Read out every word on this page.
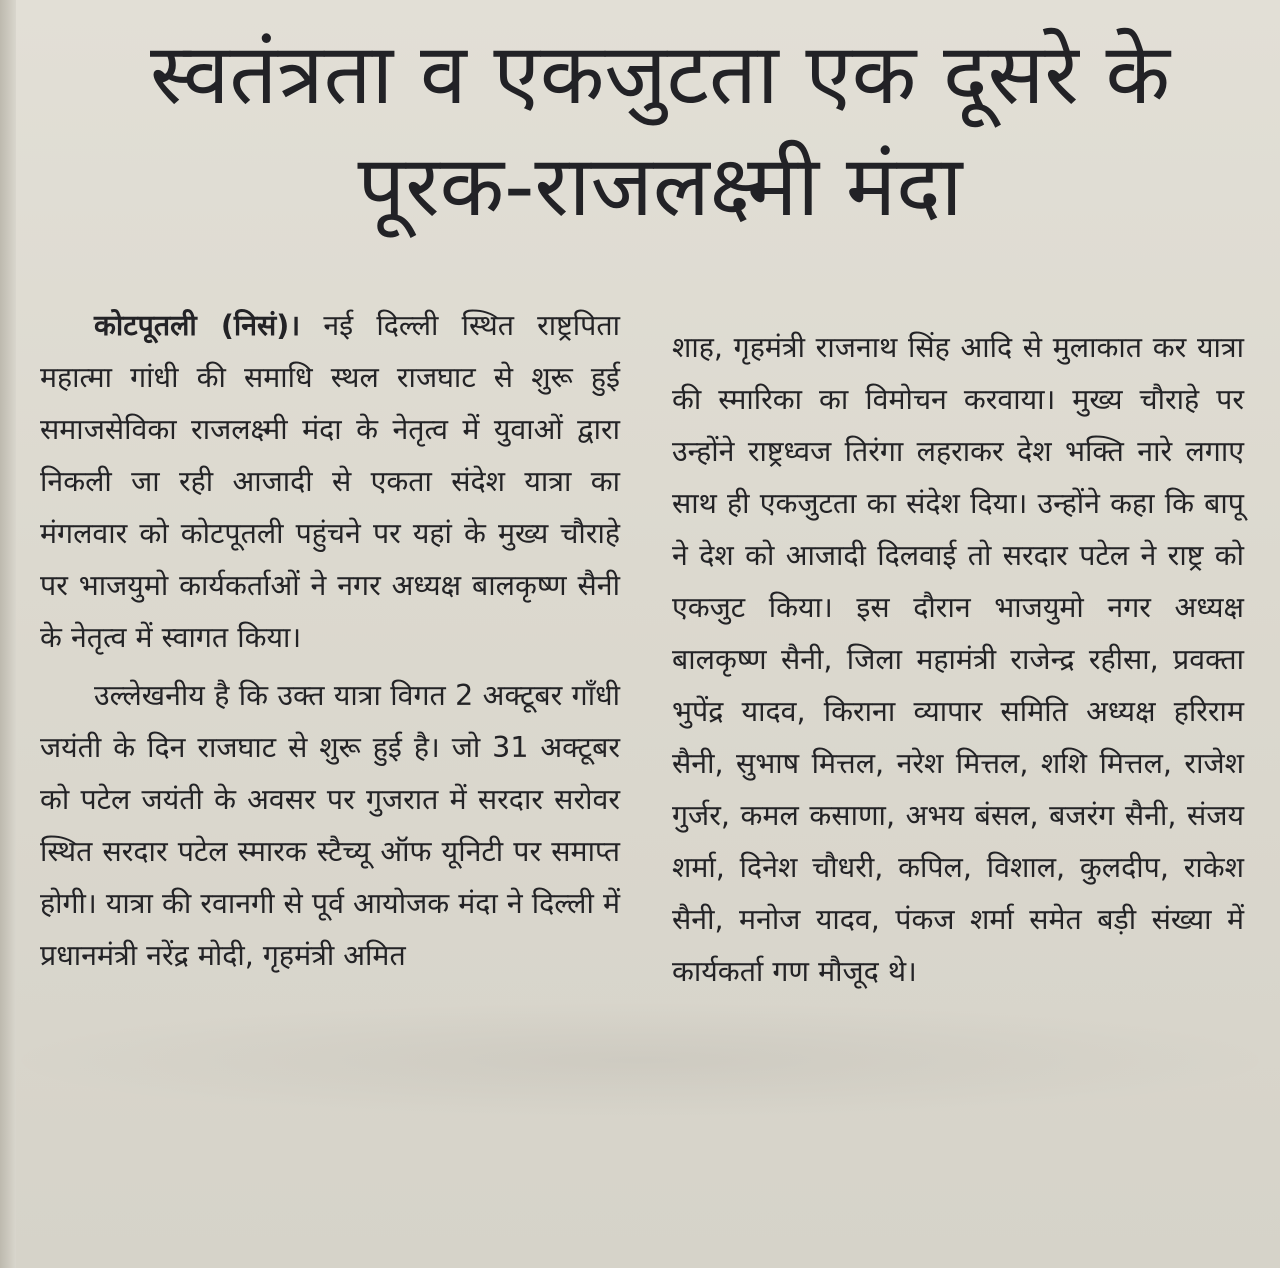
स्वतंत्रता व एकजुटता एक दूसरे के पूरक-राजलक्ष्मी मंदा

कोटपूतली (निसं)। नई दिल्ली स्थित राष्ट्रपिता महात्मा गांधी की समाधि स्थल राजघाट से शुरू हुई समाजसेविका राजलक्ष्मी मंदा के नेतृत्व में युवाओं द्वारा निकली जा रही आजादी से एकता संदेश यात्रा का मंगलवार को कोटपूतली पहुंचने पर यहां के मुख्य चौराहे पर भाजयुमो कार्यकर्ताओं ने नगर अध्यक्ष बालकृष्ण सैनी के नेतृत्व में स्वागत किया।

उल्लेखनीय है कि उक्त यात्रा विगत 2 अक्टूबर गाँधी जयंती के दिन राजघाट से शुरू हुई है। जो 31 अक्टूबर को पटेल जयंती के अवसर पर गुजरात में सरदार सरोवर स्थित सरदार पटेल स्मारक स्टैच्यू ऑफ यूनिटी पर समाप्त होगी। यात्रा की रवानगी से पूर्व आयोजक मंदा ने दिल्ली में प्रधानमंत्री नरेंद्र मोदी, गृहमंत्री अमित

शाह, गृहमंत्री राजनाथ सिंह आदि से मुलाकात कर यात्रा की स्मारिका का विमोचन करवाया। मुख्य चौराहे पर उन्होंने राष्ट्रध्वज तिरंगा लहराकर देश भक्ति नारे लगाए साथ ही एकजुटता का संदेश दिया। उन्होंने कहा कि बापू ने देश को आजादी दिलवाई तो सरदार पटेल ने राष्ट्र को एकजुट किया। इस दौरान भाजयुमो नगर अध्यक्ष बालकृष्ण सैनी, जिला महामंत्री राजेन्द्र रहीसा, प्रवक्ता भुपेंद्र यादव, किराना व्यापार समिति अध्यक्ष हरिराम सैनी, सुभाष मित्तल, नरेश मित्तल, शशि मित्तल, राजेश गुर्जर, कमल कसाणा, अभय बंसल, बजरंग सैनी, संजय शर्मा, दिनेश चौधरी, कपिल, विशाल, कुलदीप, राकेश सैनी, मनोज यादव, पंकज शर्मा समेत बड़ी संख्या में कार्यकर्ता गण मौजूद थे।
